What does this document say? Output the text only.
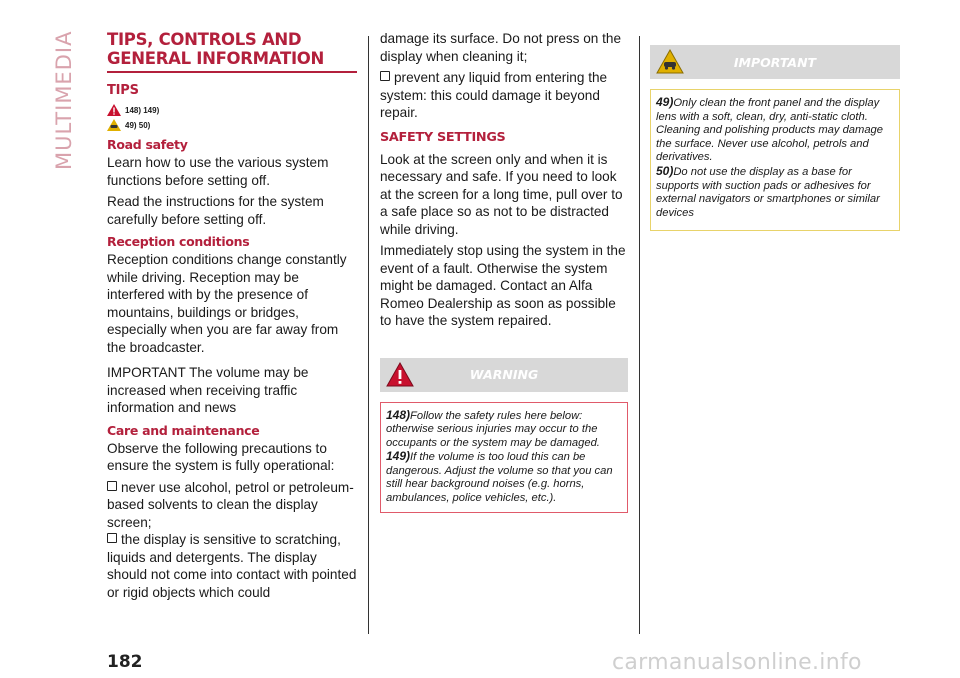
MULTIMEDIA TIPS, CONTROLS AND GENERAL INFORMATION
TIPS
148) 149)
49) 50)
Road safety

Learn how to use the various system functions before setting off.

Read the instructions for the system carefully before setting off.

Reception conditions

Reception conditions change constantly while driving. Reception may be interfered with by the presence of mountains, buildings or bridges, especially when you are far away from the broadcaster.

IMPORTANT The volume may be increased when receiving traffic information and news

Care and maintenance

Observe the following precautions to ensure the system is fully operational:

never use alcohol, petrol or petroleum-based solvents to clean the display screen;

the display is sensitive to scratching, liquids and detergents. The display should not come into contact with pointed or rigid objects which could

damage its surface. Do not press on the display when cleaning it;

prevent any liquid from entering the system: this could damage it beyond repair.

SAFETY SETTINGS

Look at the screen only and when it is necessary and safe. If you need to look at the screen for a long time, pull over to a safe place so as not to be distracted while driving.

Immediately stop using the system in the event of a fault. Otherwise the system might be damaged. Contact an Alfa Romeo Dealership as soon as possible to have the system repaired.

WARNING
148)Follow the safety rules here below: otherwise serious injuries may occur to the occupants or the system may be damaged.
149)If the volume is too loud this can be dangerous. Adjust the volume so that you can still hear background noises (e.g. horns, ambulances, police vehicles, etc.).
IMPORTANT
49)Only clean the front panel and the display lens with a soft, clean, dry, anti-static cloth. Cleaning and polishing products may damage the surface. Never use alcohol, petrols and derivatives.
50)Do not use the display as a base for supports with suction pads or adhesives for external navigators or smartphones or similar devices
182	carmanualsonline.info
